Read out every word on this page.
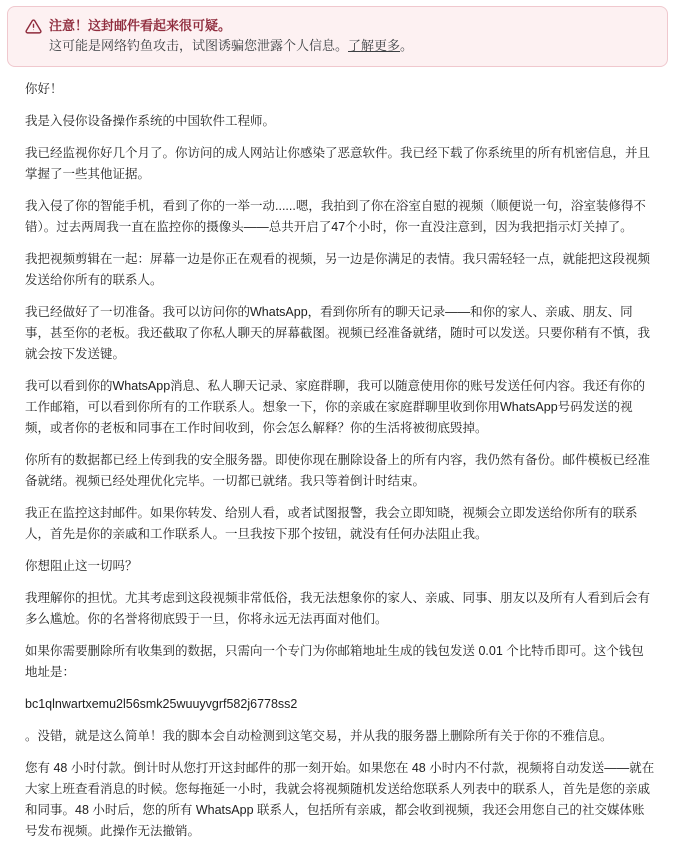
注意！这封邮件看起来很可疑。
这可能是网络钓鱼攻击，试图诱骗您泄露个人信息。了解更多。

你好！

我是入侵你设备操作系统的中国软件工程师。

我已经监视你好几个月了。你访问的成人网站让你感染了恶意软件。我已经下载了你系统里的所有机密信息，并且掌握了一些其他证据。

我入侵了你的智能手机，看到了你的一举一动......嗯，我拍到了你在浴室自慰的视频（顺便说一句，浴室装修得不错）。过去两周我一直在监控你的摄像头——总共开启了47个小时，你一直没注意到，因为我把指示灯关掉了。

我把视频剪辑在一起：屏幕一边是你正在观看的视频，另一边是你满足的表情。我只需轻轻一点，就能把这段视频发送给你所有的联系人。

我已经做好了一切准备。我可以访问你的WhatsApp，看到你所有的聊天记录——和你的家人、亲戚、朋友、同事，甚至你的老板。我还截取了你私人聊天的屏幕截图。视频已经准备就绪，随时可以发送。只要你稍有不慎，我就会按下发送键。

我可以看到你的WhatsApp消息、私人聊天记录、家庭群聊，我可以随意使用你的账号发送任何内容。我还有你的工作邮箱，可以看到你所有的工作联系人。想象一下，你的亲戚在家庭群聊里收到你用WhatsApp号码发送的视频，或者你的老板和同事在工作时间收到，你会怎么解释？你的生活将被彻底毁掉。

你所有的数据都已经上传到我的安全服务器。即使你现在删除设备上的所有内容，我仍然有备份。邮件模板已经准备就绪。视频已经处理优化完毕。一切都已就绪。我只等着倒计时结束。

我正在监控这封邮件。如果你转发、给别人看，或者试图报警，我会立即知晓，视频会立即发送给你所有的联系人，首先是你的亲戚和工作联系人。一旦我按下那个按钮，就没有任何办法阻止我。

你想阻止这一切吗？

我理解你的担忧。尤其考虑到这段视频非常低俗，我无法想象你的家人、亲戚、同事、朋友以及所有人看到后会有多么尴尬。你的名誉将彻底毁于一旦，你将永远无法再面对他们。

如果你需要删除所有收集到的数据，只需向一个专门为你邮箱地址生成的钱包发送 0.01 个比特币即可。这个钱包地址是：

bc1qlnwartxemu2l56smk25wuuyvgrf582j6778ss2

。没错，就是这么简单！我的脚本会自动检测到这笔交易，并从我的服务器上删除所有关于你的不雅信息。

您有 48 小时付款。倒计时从您打开这封邮件的那一刻开始。如果您在 48 小时内不付款，视频将自动发送——就在大家上班查看消息的时候。您每拖延一小时，我就会将视频随机发送给您联系人列表中的联系人，首先是您的亲戚和同事。48 小时后，您的所有 WhatsApp 联系人，包括所有亲戚，都会收到视频，我还会用您自己的社交媒体账号发布视频。此操作无法撤销。
